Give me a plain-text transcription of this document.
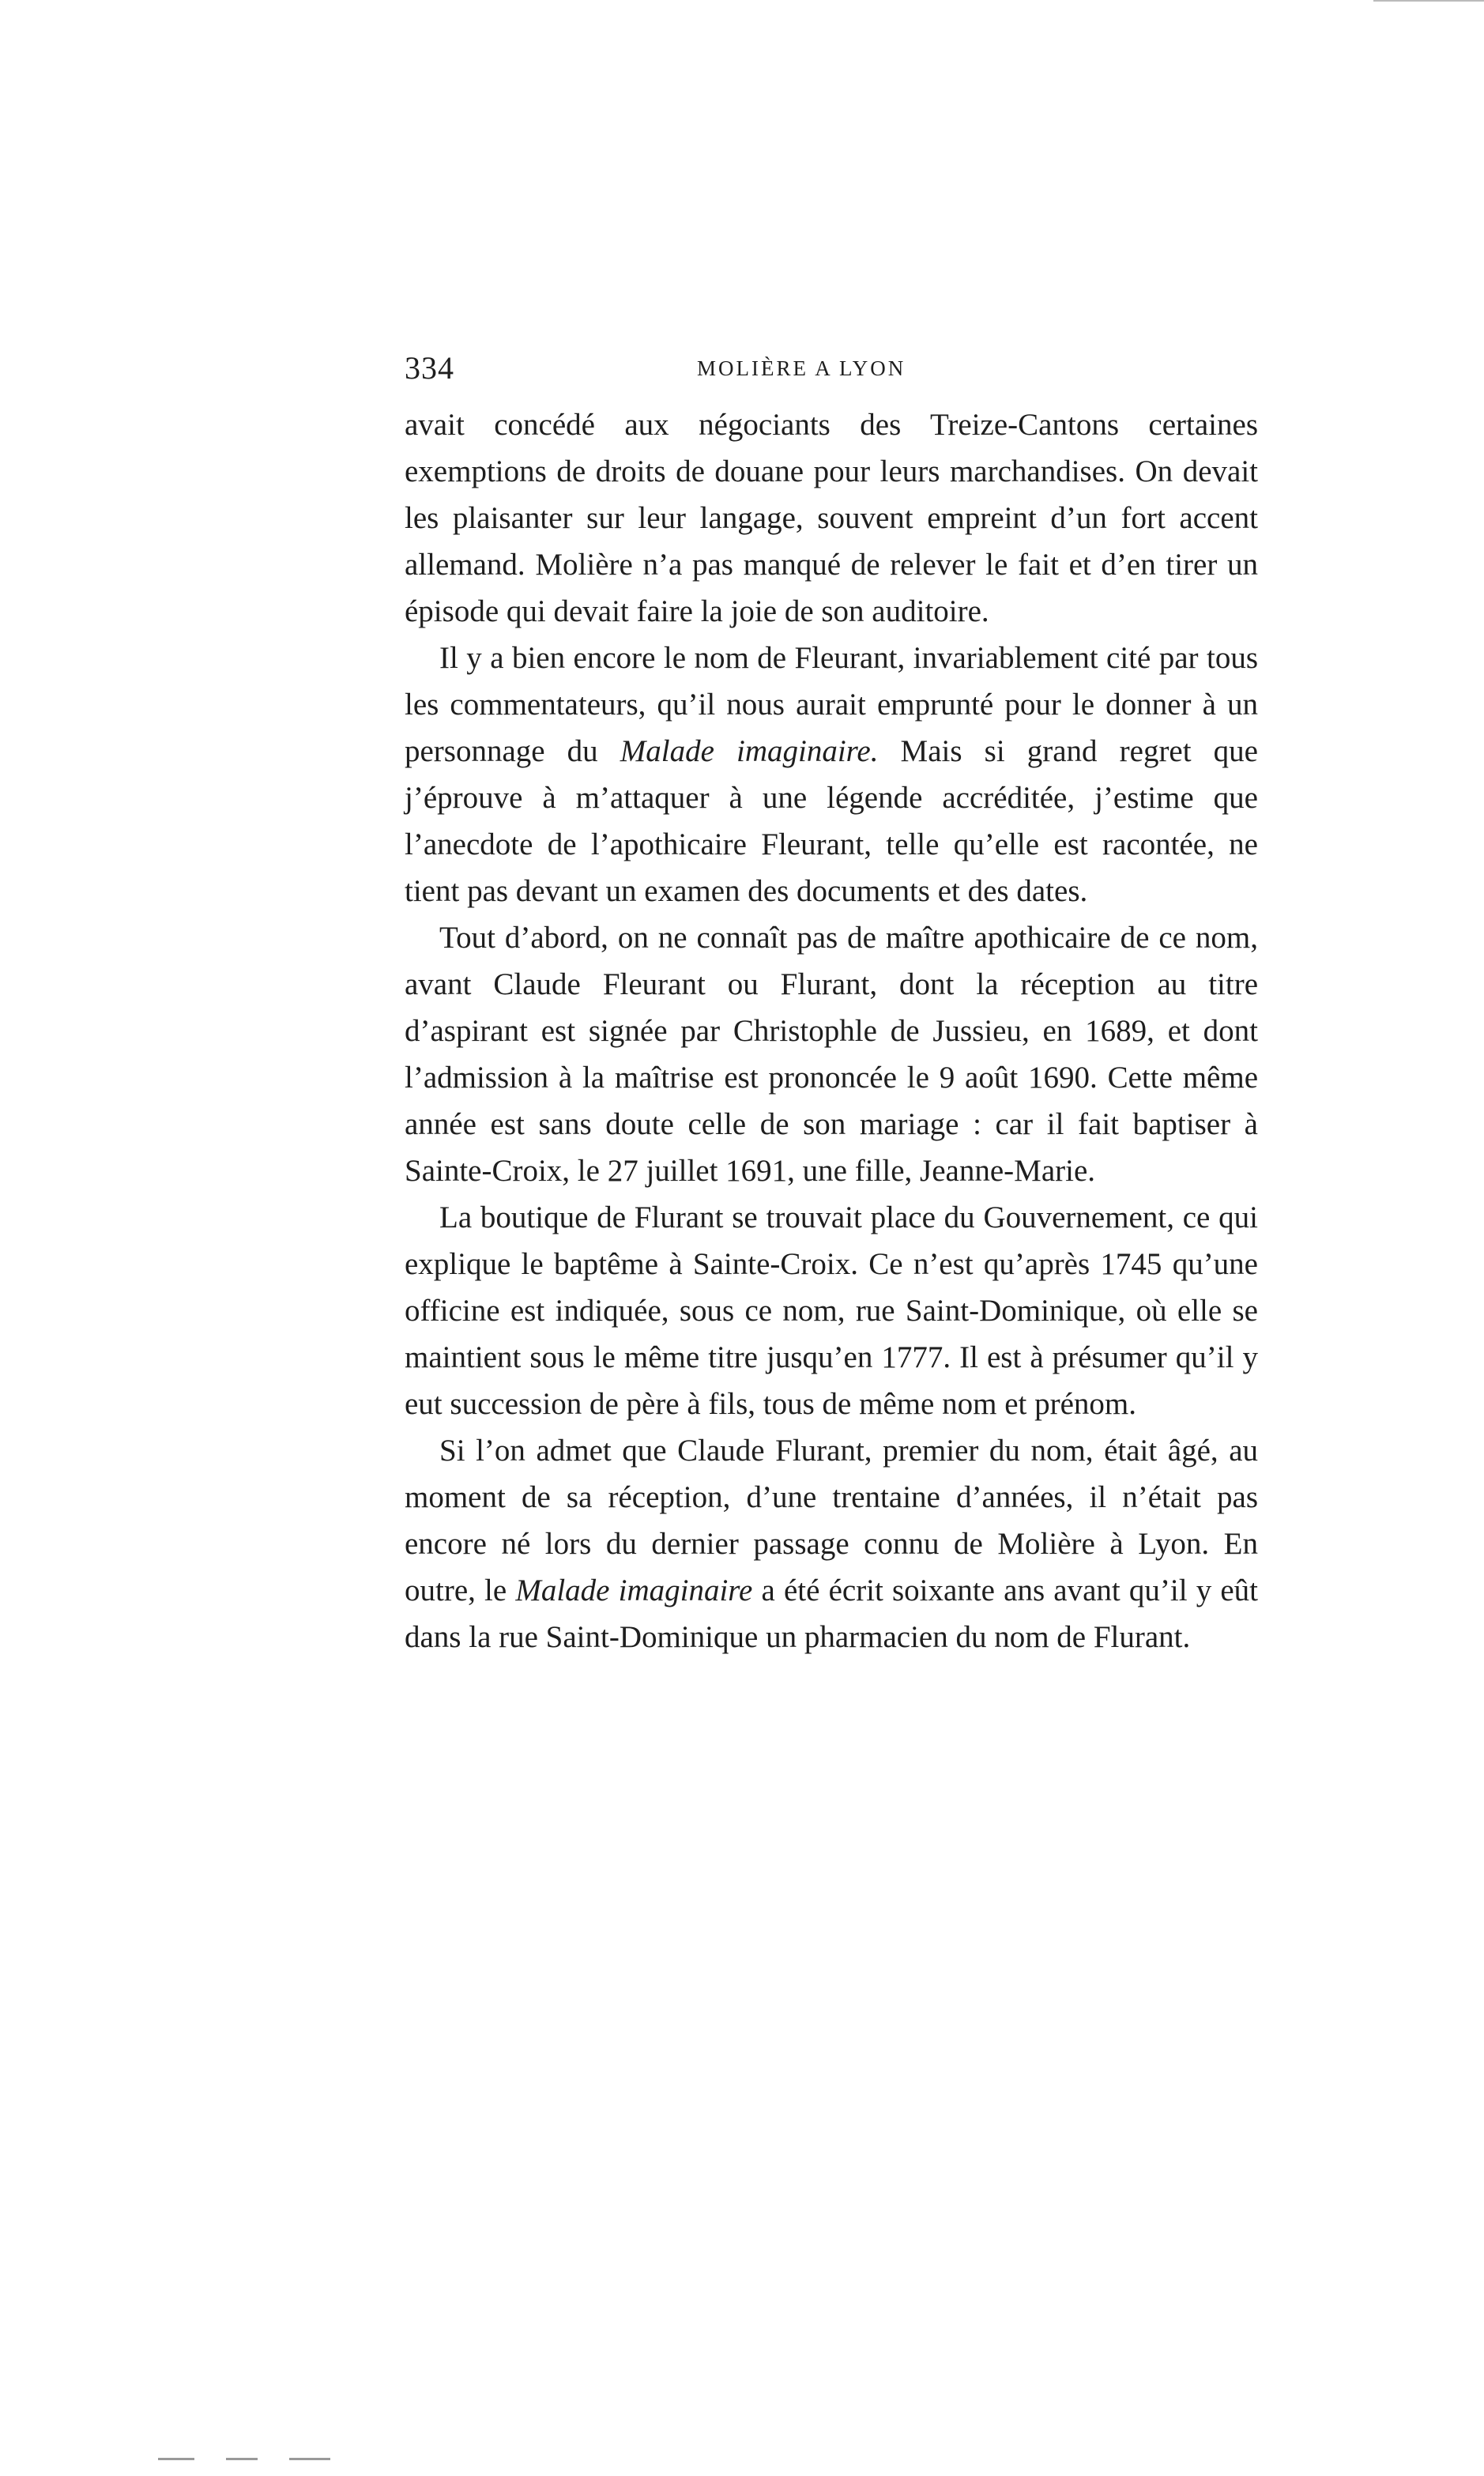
334	MOLIÈRE A LYON

avait concédé aux négociants des Treize-Cantons certaines exemptions de droits de douane pour leurs marchandises. On devait les plaisanter sur leur langage, souvent empreint d’un fort accent allemand. Molière n’a pas manqué de relever le fait et d’en tirer un épisode qui devait faire la joie de son auditoire.

Il y a bien encore le nom de Fleurant, invariablement cité par tous les commentateurs, qu’il nous aurait emprunté pour le donner à un personnage du Malade imaginaire. Mais si grand regret que j’éprouve à m’attaquer à une légende accréditée, j’estime que l’anecdote de l’apothicaire Fleurant, telle qu’elle est racontée, ne tient pas devant un examen des documents et des dates.

Tout d’abord, on ne connaît pas de maître apothicaire de ce nom, avant Claude Fleurant ou Flurant, dont la réception au titre d’aspirant est signée par Christophle de Jussieu, en 1689, et dont l’admission à la maîtrise est prononcée le 9 août 1690. Cette même année est sans doute celle de son mariage : car il fait baptiser à Sainte-Croix, le 27 juillet 1691, une fille, Jeanne-Marie.

La boutique de Flurant se trouvait place du Gouvernement, ce qui explique le baptême à Sainte-Croix. Ce n’est qu’après 1745 qu’une officine est indiquée, sous ce nom, rue Saint-Dominique, où elle se maintient sous le même titre jusqu’en 1777. Il est à présumer qu’il y eut succession de père à fils, tous de même nom et prénom.

Si l’on admet que Claude Flurant, premier du nom, était âgé, au moment de sa réception, d’une trentaine d’années, il n’était pas encore né lors du dernier passage connu de Molière à Lyon. En outre, le Malade imaginaire a été écrit soixante ans avant qu’il y eût dans la rue Saint-Dominique un pharmacien du nom de Flurant.
